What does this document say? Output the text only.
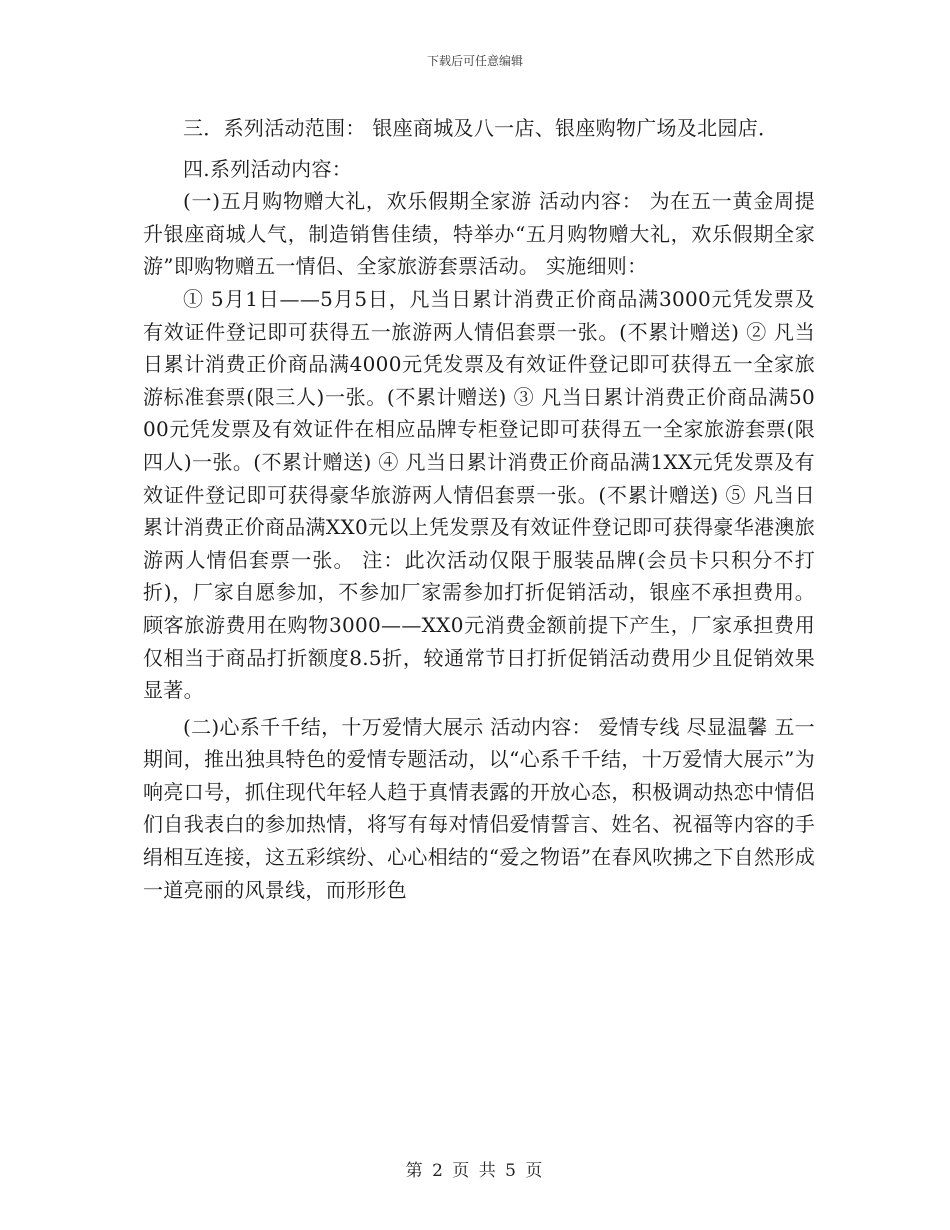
下载后可任意编辑

三．系列活动范围： 银座商城及八一店、银座购物广场及北园店．

四.系列活动内容：

(一)五月购物赠大礼，欢乐假期全家游 活动内容： 为在五一黄金周提升银座商城人气，制造销售佳绩，特举办“五月购物赠大礼，欢乐假期全家游”即购物赠五一情侣、全家旅游套票活动。 实施细则：

① 5月1日——5月5日，凡当日累计消费正价商品满3000元凭发票及有效证件登记即可获得五一旅游两人情侣套票一张。(不累计赠送) ② 凡当日累计消费正价商品满4000元凭发票及有效证件登记即可获得五一全家旅游标准套票(限三人)一张。(不累计赠送) ③ 凡当日累计消费正价商品满5000元凭发票及有效证件在相应品牌专柜登记即可获得五一全家旅游套票(限四人)一张。(不累计赠送) ④ 凡当日累计消费正价商品满1XX元凭发票及有效证件登记即可获得豪华旅游两人情侣套票一张。(不累计赠送) ⑤ 凡当日累计消费正价商品满XX0元以上凭发票及有效证件登记即可获得豪华港澳旅游两人情侣套票一张。 注：此次活动仅限于服装品牌(会员卡只积分不打折)，厂家自愿参加，不参加厂家需参加打折促销活动，银座不承担费用。顾客旅游费用在购物3000——XX0元消费金额前提下产生，厂家承担费用仅相当于商品打折额度8.5折，较通常节日打折促销活动费用少且促销效果显著。

(二)心系千千结，十万爱情大展示 活动内容： 爱情专线 尽显温馨 五一期间，推出独具特色的爱情专题活动，以“心系千千结，十万爱情大展示”为响亮口号，抓住现代年轻人趋于真情表露的开放心态，积极调动热恋中情侣们自我表白的参加热情，将写有每对情侣爱情誓言、姓名、祝福等内容的手绢相互连接，这五彩缤纷、心心相结的“爱之物语”在春风吹拂之下自然形成一道亮丽的风景线，而形形色

第 2 页 共 5 页
